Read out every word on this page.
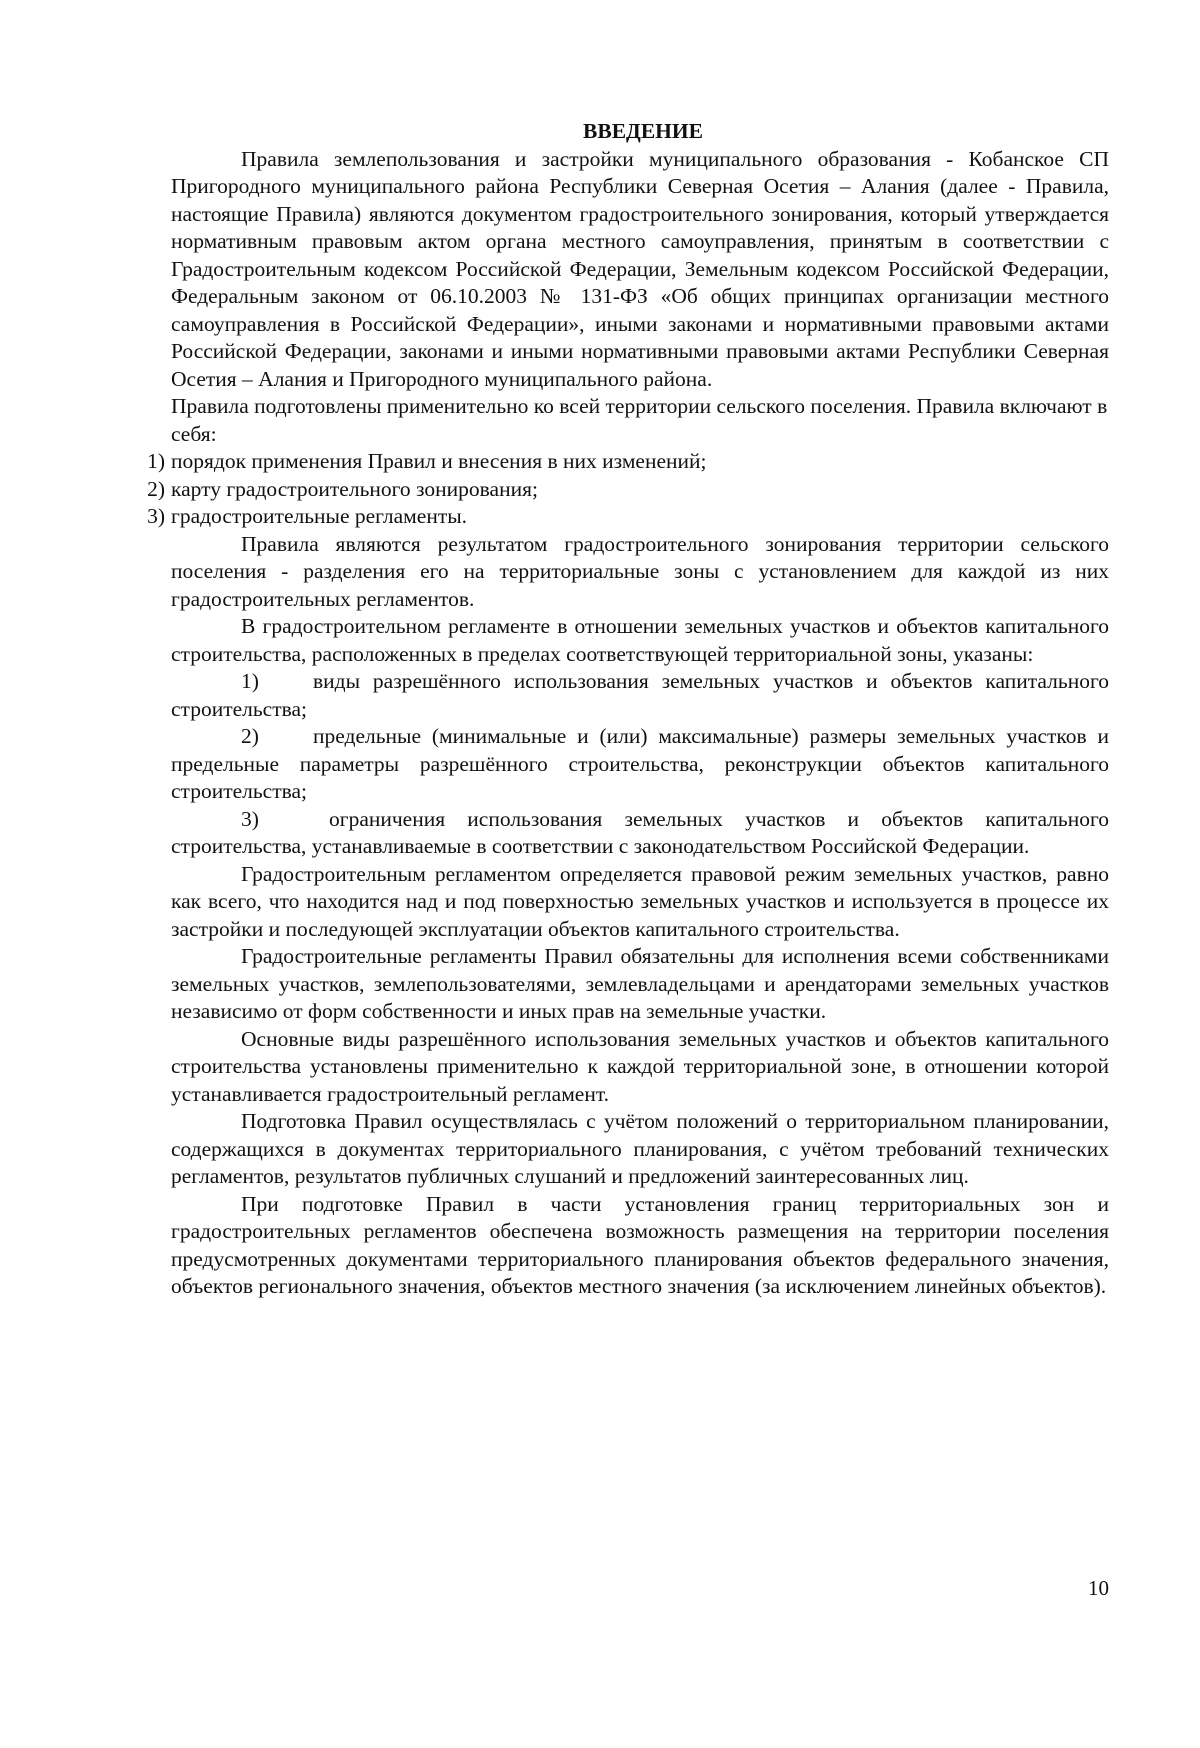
ВВЕДЕНИЕ

Правила землепользования и застройки муниципального образования - Кобанское СП Пригородного муниципального района Республики Северная Осетия – Алания (далее - Правила, настоящие Правила) являются документом градостроительного зонирования, который утверждается нормативным правовым актом органа местного самоуправления, принятым в соответствии с Градостроительным кодексом Российской Федерации, Земельным кодексом Российской Федерации, Федеральным законом от 06.10.2003 № 131-ФЗ «Об общих принципах организации местного самоуправления в Российской Федерации», иными законами и нормативными правовыми актами Российской Федерации, законами и иными нормативными правовыми актами Республики Северная Осетия – Алания и Пригородного муниципального района.

Правила подготовлены применительно ко всей территории сельского поселения. Правила включают в себя:

1) порядок применения Правил и внесения в них изменений;
2) карту градостроительного зонирования;
3) градостроительные регламенты.

Правила являются результатом градостроительного зонирования территории сельского поселения - разделения его на территориальные зоны с установлением для каждой из них градостроительных регламентов.

В градостроительном регламенте в отношении земельных участков и объектов капитального строительства, расположенных в пределах соответствующей территориальной зоны, указаны:

1)	виды разрешённого использования земельных участков и объектов капитального строительства;
2)	предельные (минимальные и (или) максимальные) размеры земельных участков и предельные параметры разрешённого строительства, реконструкции объектов капитального строительства;
3)	ограничения использования земельных участков и объектов капитального строительства, устанавливаемые в соответствии с законодательством Российской Федерации.

Градостроительным регламентом определяется правовой режим земельных участков, равно как всего, что находится над и под поверхностью земельных участков и используется в процессе их застройки и последующей эксплуатации объектов капитального строительства.

Градостроительные регламенты Правил обязательны для исполнения всеми собственниками земельных участков, землепользователями, землевладельцами и арендаторами земельных участков независимо от форм собственности и иных прав на земельные участки.

Основные виды разрешённого использования земельных участков и объектов капитального строительства установлены применительно к каждой территориальной зоне, в отношении которой устанавливается градостроительный регламент.

Подготовка Правил осуществлялась с учётом положений о территориальном планировании, содержащихся в документах территориального планирования, с учётом требований технических регламентов, результатов публичных слушаний и предложений заинтересованных лиц.

При подготовке Правил в части установления границ территориальных зон и градостроительных регламентов обеспечена возможность размещения на территории поселения предусмотренных документами территориального планирования объектов федерального значения, объектов регионального значения, объектов местного значения (за исключением линейных объектов).

10
